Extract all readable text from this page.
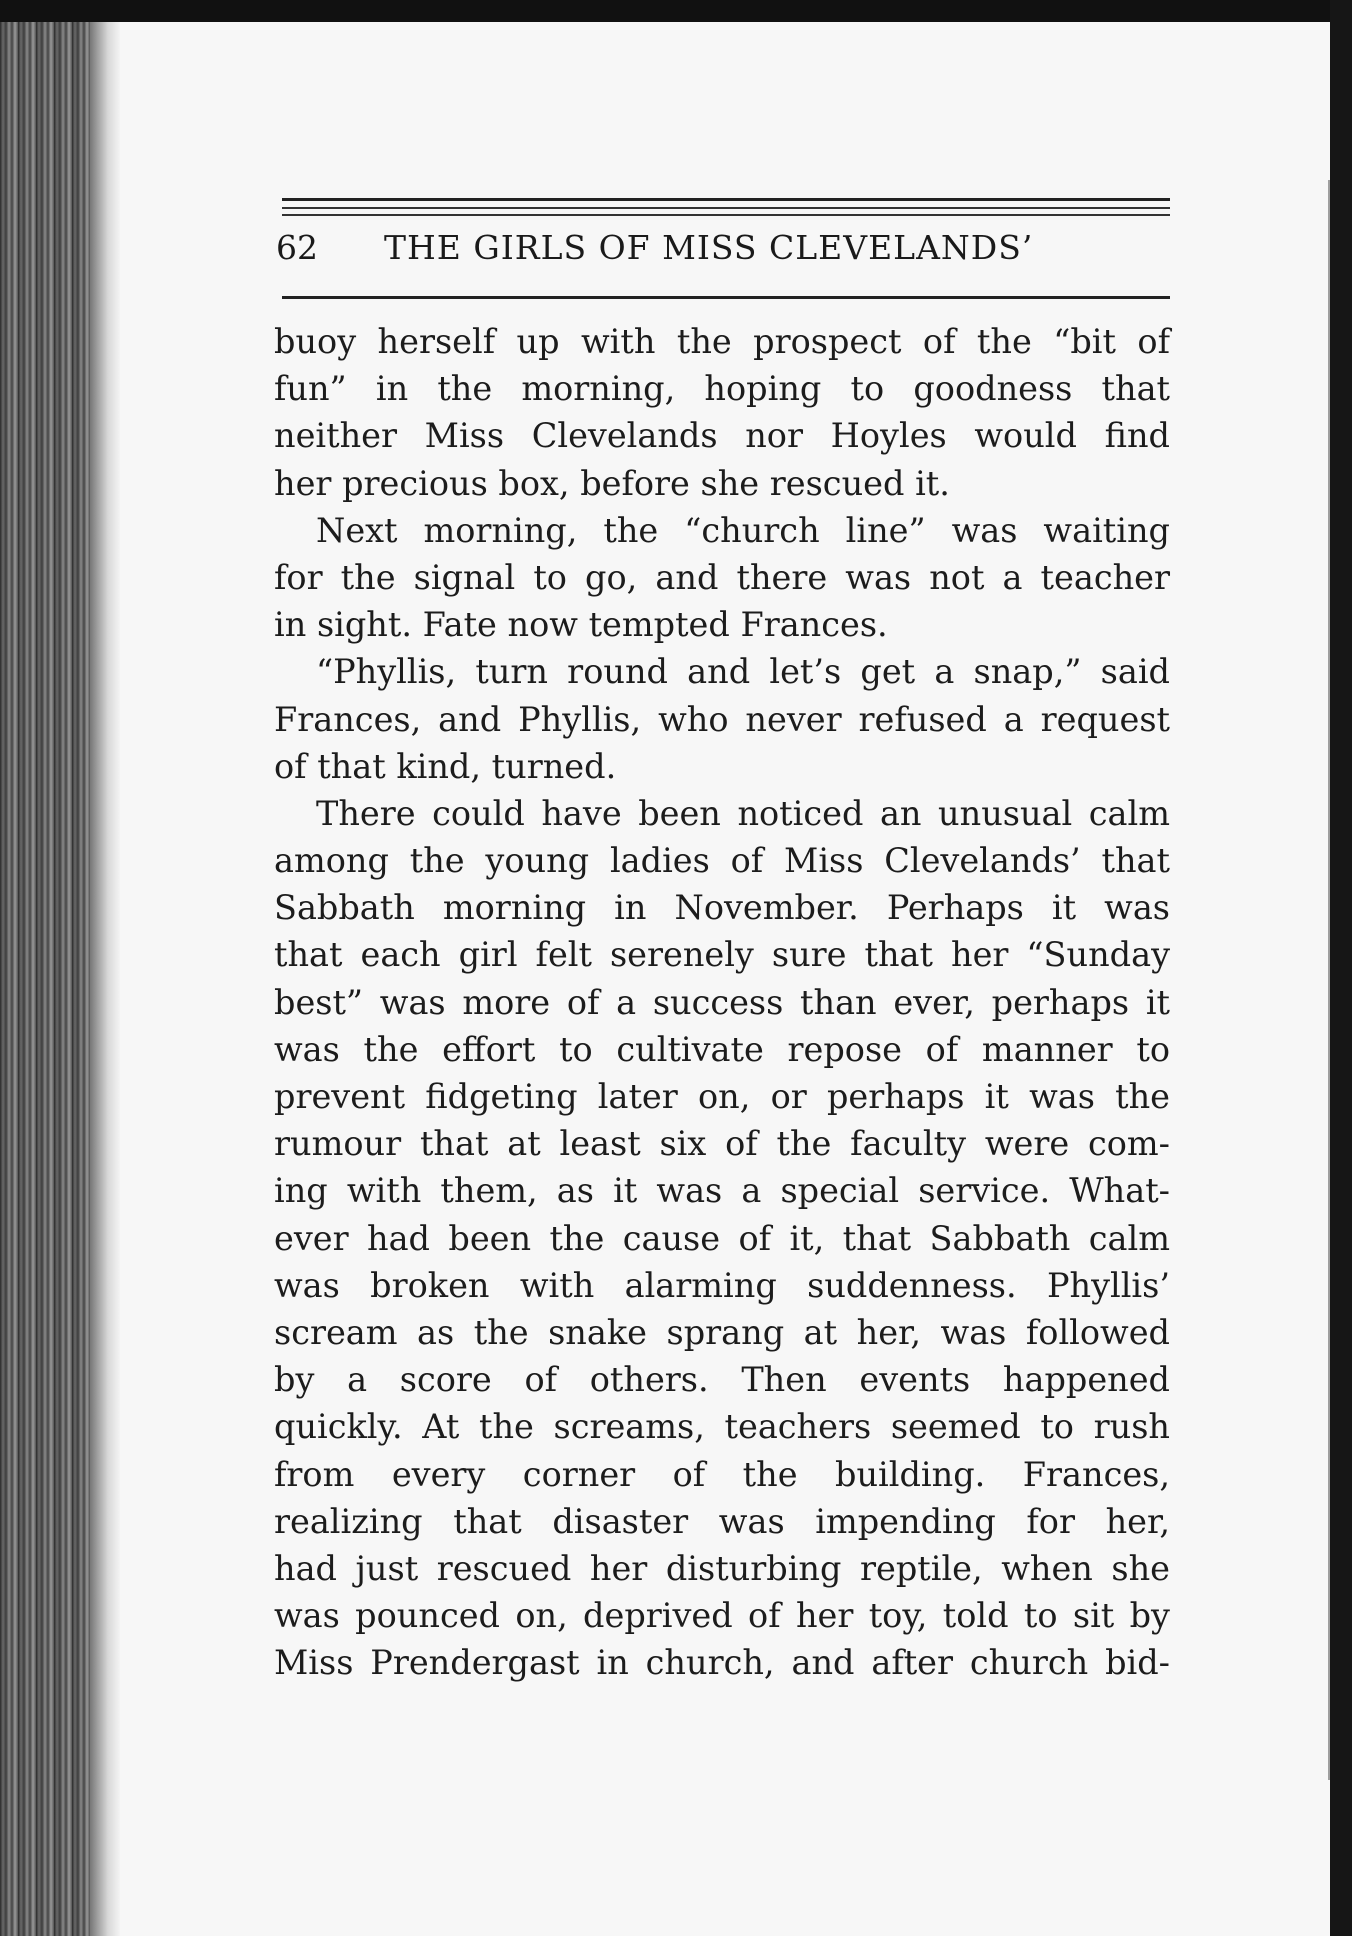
62 THE GIRLS OF MISS CLEVELANDS’
buoy herself up with the prospect of the “bit of
fun” in the morning, hoping to goodness that
neither Miss Clevelands nor Hoyles would find
her precious box, before she rescued it.
Next morning, the “church line” was waiting
for the signal to go, and there was not a teacher
in sight. Fate now tempted Frances.
“Phyllis, turn round and let’s get a snap,” said
Frances, and Phyllis, who never refused a request
of that kind, turned.
There could have been noticed an unusual calm
among the young ladies of Miss Clevelands’ that
Sabbath morning in November. Perhaps it was
that each girl felt serenely sure that her “Sunday
best” was more of a success than ever, perhaps it
was the effort to cultivate repose of manner to
prevent fidgeting later on, or perhaps it was the
rumour that at least six of the faculty were com-
ing with them, as it was a special service. What-
ever had been the cause of it, that Sabbath calm
was broken with alarming suddenness. Phyllis’
scream as the snake sprang at her, was followed
by a score of others. Then events happened
quickly. At the screams, teachers seemed to rush
from every corner of the building. Frances,
realizing that disaster was impending for her,
had just rescued her disturbing reptile, when she
was pounced on, deprived of her toy, told to sit by
Miss Prendergast in church, and after church bid-
